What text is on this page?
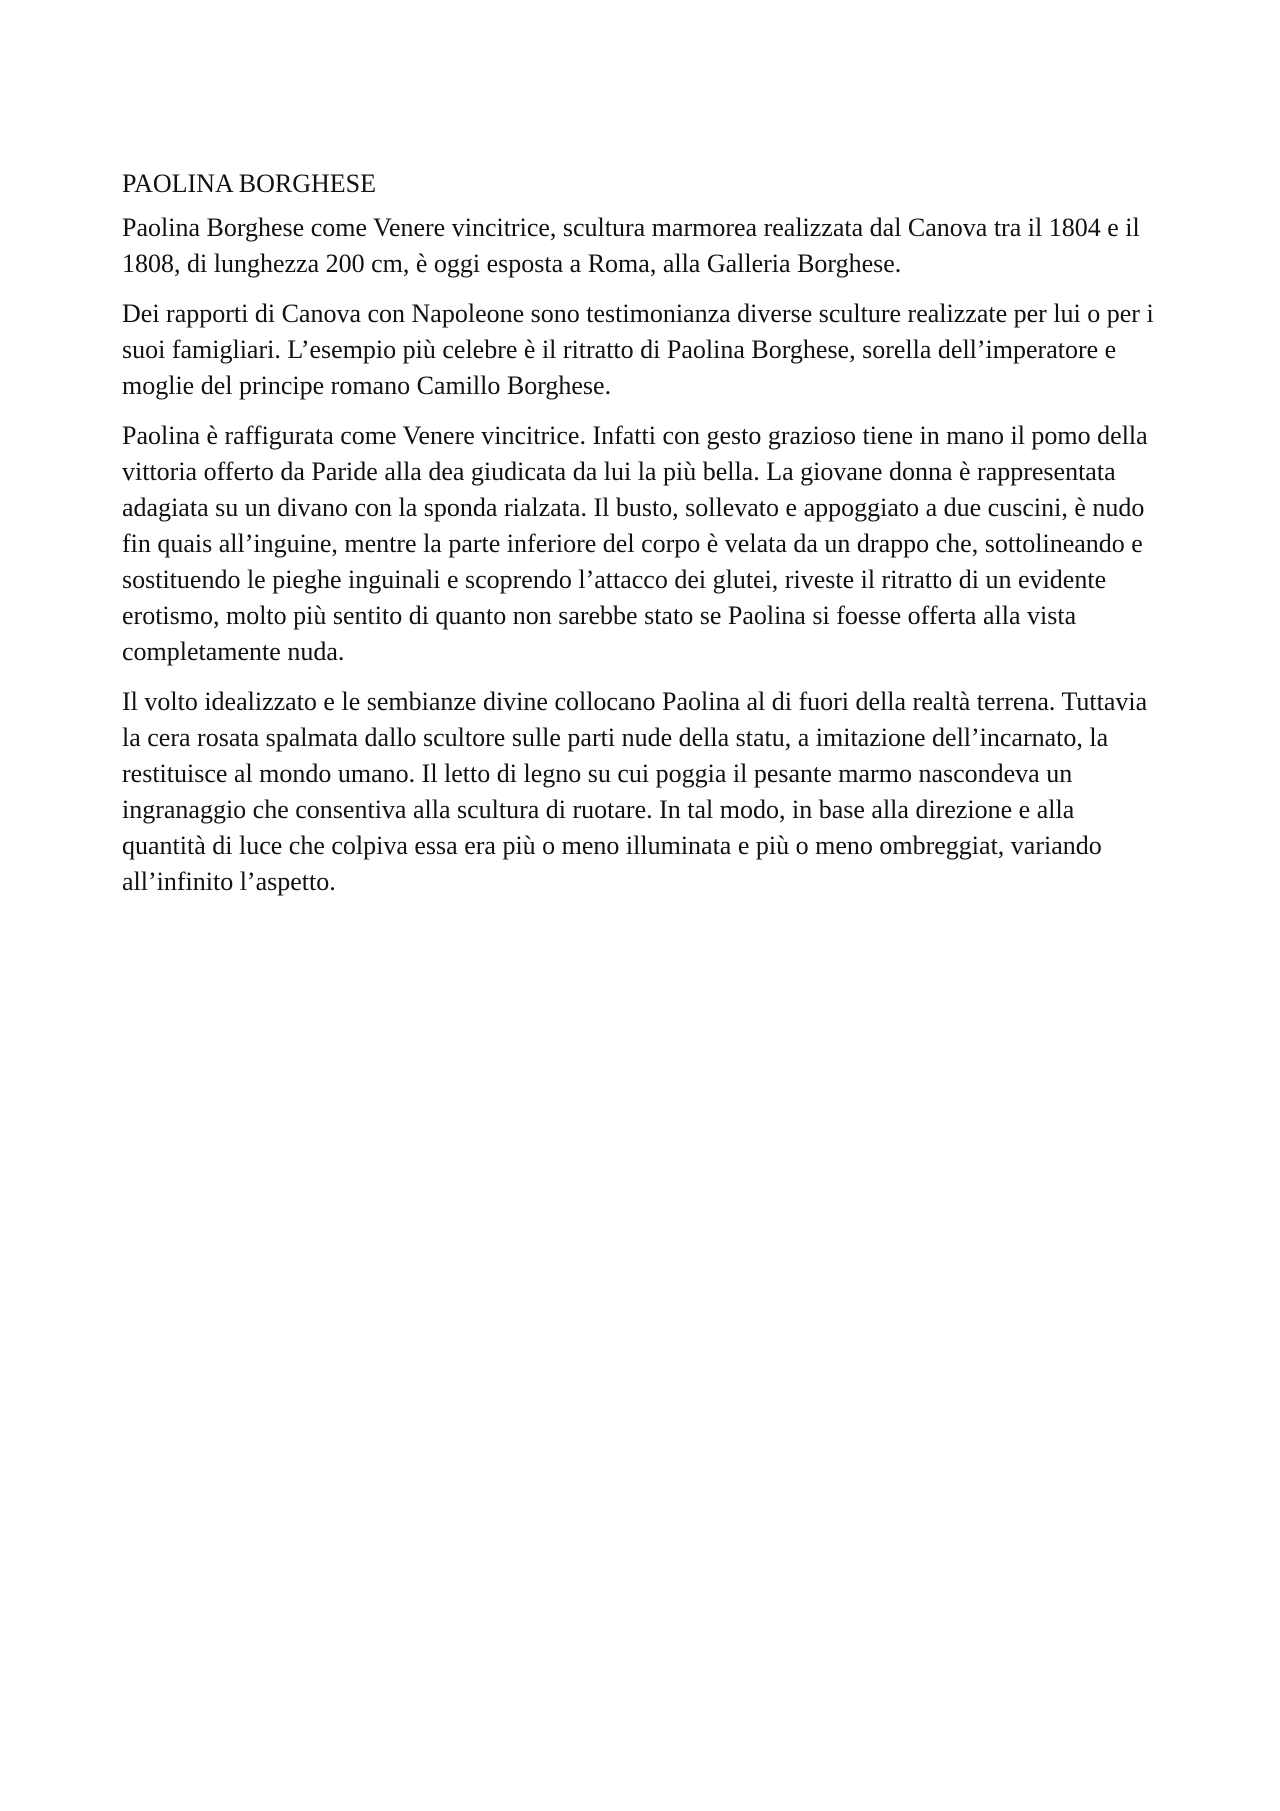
PAOLINA BORGHESE

Paolina Borghese come Venere vincitrice, scultura marmorea realizzata dal Canova tra il 1804 e il 1808, di lunghezza 200 cm, è oggi esposta a Roma, alla Galleria Borghese.

Dei rapporti di Canova con Napoleone sono testimonianza diverse sculture realizzate per lui o per i suoi famigliari. L’esempio più celebre è il ritratto di Paolina Borghese, sorella dell’imperatore e moglie del principe romano Camillo Borghese.

Paolina è raffigurata come Venere vincitrice. Infatti con gesto grazioso tiene in mano il pomo della vittoria offerto da Paride alla dea giudicata da lui la più bella. La giovane donna è rappresentata adagiata su un divano con la sponda rialzata. Il busto, sollevato e appoggiato a due cuscini, è nudo fin quais all’inguine, mentre la parte inferiore del corpo è velata da un drappo che, sottolineando e sostituendo le pieghe inguinali e scoprendo l’attacco dei glutei, riveste il ritratto di un evidente erotismo, molto più sentito di quanto non sarebbe stato se Paolina si foesse offerta alla vista completamente nuda.

Il volto idealizzato e le sembianze divine collocano Paolina al di fuori della realtà terrena. Tuttavia la cera rosata spalmata dallo scultore sulle parti nude della statu, a imitazione dell’incarnato, la restituisce al mondo umano. Il letto di legno su cui poggia il pesante marmo nascondeva un ingranaggio che consentiva alla scultura di ruotare. In tal modo, in base alla direzione e alla quantità di luce che colpiva essa era più o meno illuminata e più o meno ombreggiat, variando all’infinito l’aspetto.
